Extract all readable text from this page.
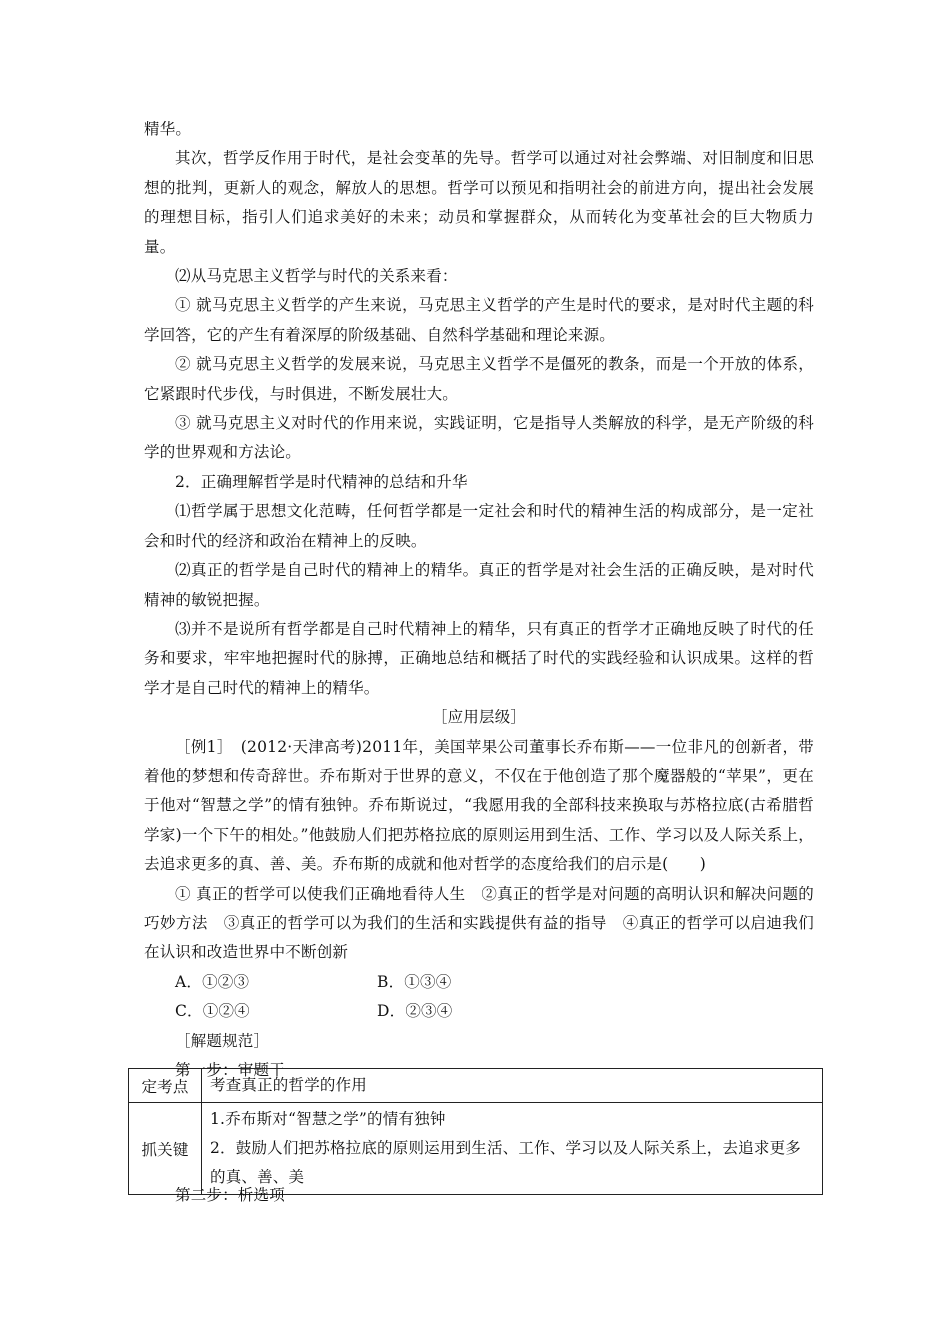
精华。

其次，哲学反作用于时代，是社会变革的先导。哲学可以通过对社会弊端、对旧制度和旧思想的批判，更新人的观念，解放人的思想。哲学可以预见和指明社会的前进方向，提出社会发展的理想目标，指引人们追求美好的未来；动员和掌握群众，从而转化为变革社会的巨大物质力量。

⑵从马克思主义哲学与时代的关系来看：

① 就马克思主义哲学的产生来说，马克思主义哲学的产生是时代的要求，是对时代主题的科学回答，它的产生有着深厚的阶级基础、自然科学基础和理论来源。

② 就马克思主义哲学的发展来说，马克思主义哲学不是僵死的教条，而是一个开放的体系，它紧跟时代步伐，与时俱进，不断发展壮大。

③ 就马克思主义对时代的作用来说，实践证明，它是指导人类解放的科学，是无产阶级的科学的世界观和方法论。

2．正确理解哲学是时代精神的总结和升华

⑴哲学属于思想文化范畴，任何哲学都是一定社会和时代的精神生活的构成部分，是一定社会和时代的经济和政治在精神上的反映。

⑵真正的哲学是自己时代的精神上的精华。真正的哲学是对社会生活的正确反映，是对时代精神的敏锐把握。

⑶并不是说所有哲学都是自己时代精神上的精华，只有真正的哲学才正确地反映了时代的任务和要求，牢牢地把握时代的脉搏，正确地总结和概括了时代的实践经验和认识成果。这样的哲学才是自己时代的精神上的精华。

［应用层级］

［例1］　(2012·天津高考)2011年，美国苹果公司董事长乔布斯——一位非凡的创新者，带着他的梦想和传奇辞世。乔布斯对于世界的意义，不仅在于他创造了那个魔器般的“苹果”，更在于他对“智慧之学”的情有独钟。乔布斯说过，“我愿用我的全部科技来换取与苏格拉底(古希腊哲学家)一个下午的相处。”他鼓励人们把苏格拉底的原则运用到生活、工作、学习以及人际关系上，去追求更多的真、善、美。乔布斯的成就和他对哲学的态度给我们的启示是(　　)

① 真正的哲学可以使我们正确地看待人生　②真正的哲学是对问题的高明认识和解决问题的巧妙方法　③真正的哲学可以为我们的生活和实践提供有益的指导　④真正的哲学可以启迪我们在认识和改造世界中不断创新

A．①②③	B．①③④
C．①②④	D．②③④

［解题规范］

第一步：审题干

定考点	考查真正的哲学的作用
抓关键	1.乔布斯对“智慧之学”的情有独钟
2．鼓励人们把苏格拉底的原则运用到生活、工作、学习以及人际关系上，去追求更多的真、善、美
第二步：析选项
